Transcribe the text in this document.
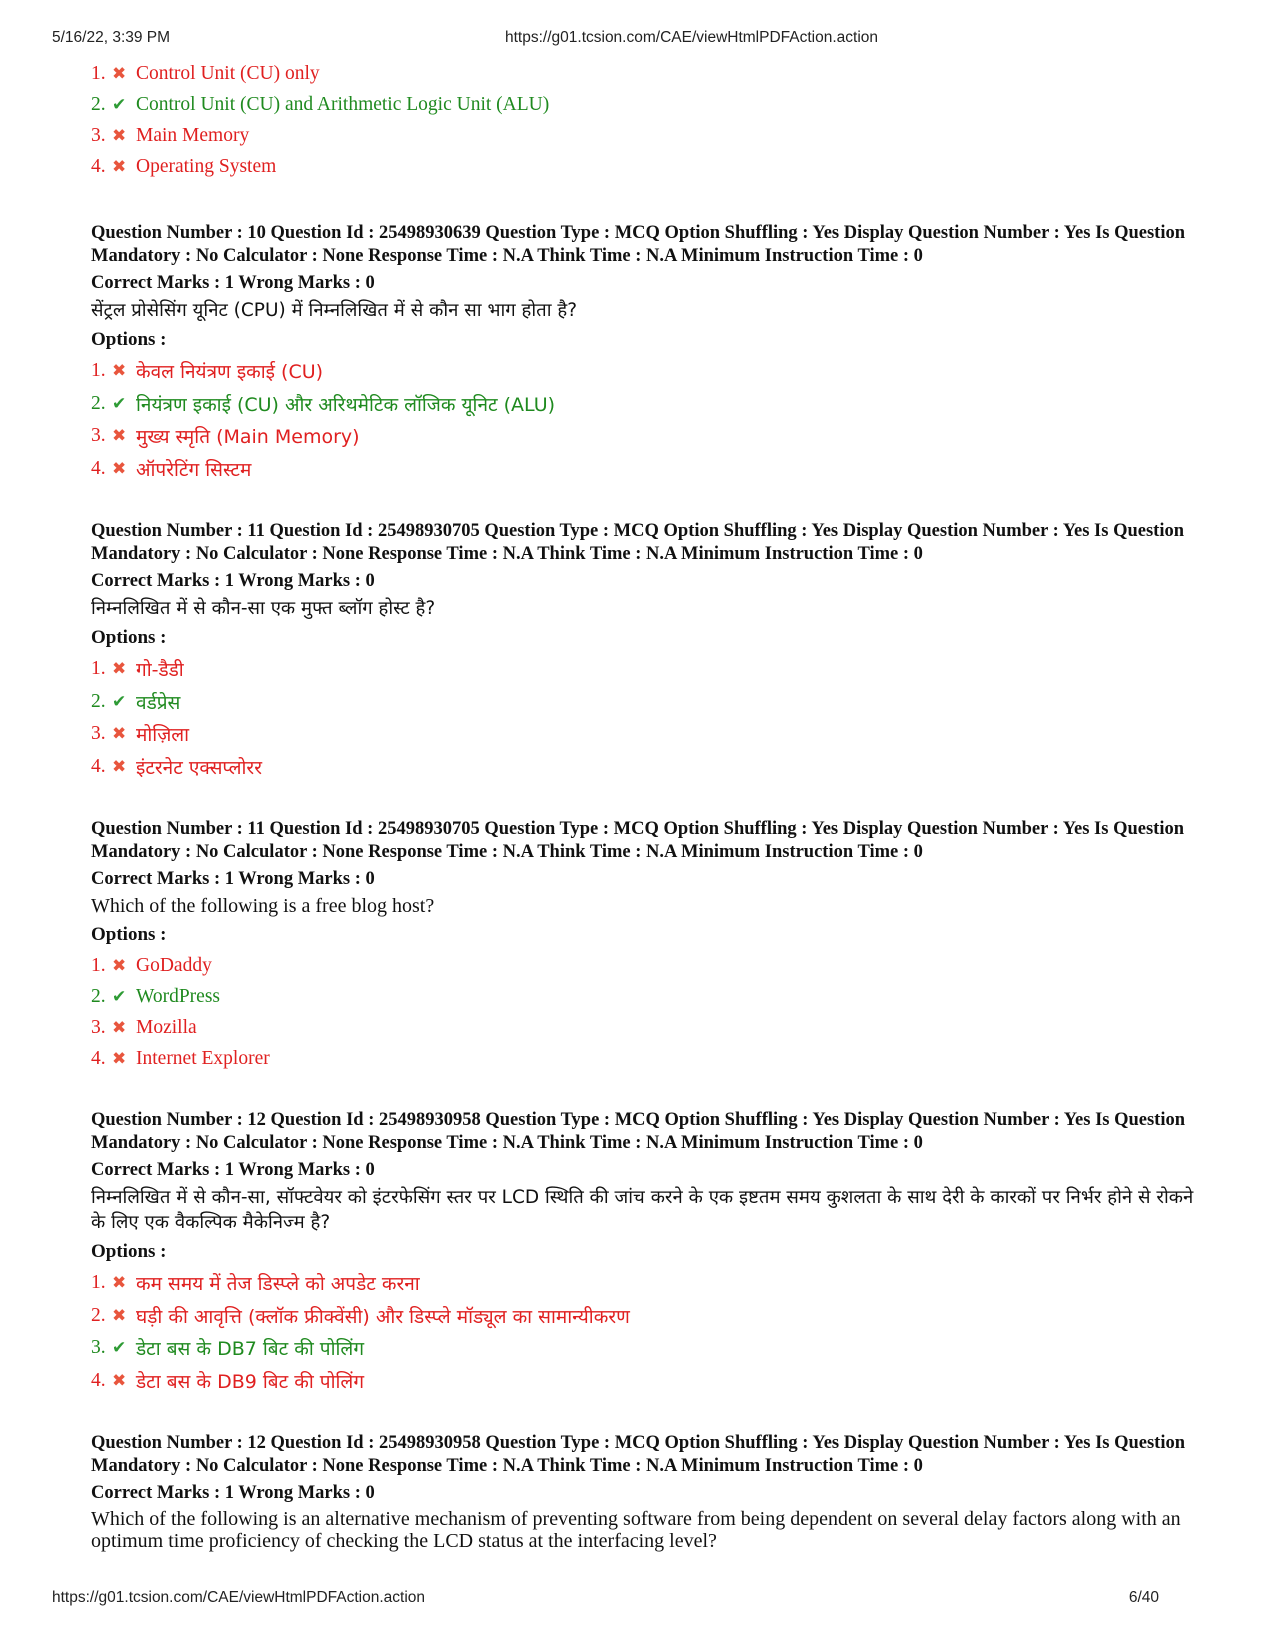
5/16/22, 3:39 PM	https://g01.tcsion.com/CAE/viewHtmlPDFAction.action
1. ✖ Control Unit (CU) only
2. ✔ Control Unit (CU) and Arithmetic Logic Unit (ALU)
3. ✖ Main Memory
4. ✖ Operating System

Question Number : 10 Question Id : 25498930639 Question Type : MCQ Option Shuffling : Yes Display Question Number : Yes Is Question Mandatory : No Calculator : None Response Time : N.A Think Time : N.A Minimum Instruction Time : 0

Correct Marks : 1 Wrong Marks : 0

सेंट्रल प्रोसेसिंग यूनिट (CPU) में निम्नलिखित में से कौन सा भाग होता है?

Options :

1. ✖ केवल नियंत्रण इकाई (CU)
2. ✔ नियंत्रण इकाई (CU) और अरिथमेटिक लॉजिक यूनिट (ALU)
3. ✖ मुख्य स्मृति (Main Memory)
4. ✖ ऑपरेटिंग सिस्टम

Question Number : 11 Question Id : 25498930705 Question Type : MCQ Option Shuffling : Yes Display Question Number : Yes Is Question Mandatory : No Calculator : None Response Time : N.A Think Time : N.A Minimum Instruction Time : 0

Correct Marks : 1 Wrong Marks : 0

निम्नलिखित में से कौन-सा एक मुफ्त ब्लॉग होस्ट है?

Options :

1. ✖ गो-डैडी
2. ✔ वर्डप्रेस
3. ✖ मोज़िला
4. ✖ इंटरनेट एक्सप्लोरर

Question Number : 11 Question Id : 25498930705 Question Type : MCQ Option Shuffling : Yes Display Question Number : Yes Is Question Mandatory : No Calculator : None Response Time : N.A Think Time : N.A Minimum Instruction Time : 0

Correct Marks : 1 Wrong Marks : 0

Which of the following is a free blog host?

Options :

1. ✖ GoDaddy
2. ✔ WordPress
3. ✖ Mozilla
4. ✖ Internet Explorer

Question Number : 12 Question Id : 25498930958 Question Type : MCQ Option Shuffling : Yes Display Question Number : Yes Is Question Mandatory : No Calculator : None Response Time : N.A Think Time : N.A Minimum Instruction Time : 0

Correct Marks : 1 Wrong Marks : 0

निम्नलिखित में से कौन-सा, सॉफ्टवेयर को इंटरफेसिंग स्तर पर LCD स्थिति की जांच करने के एक इष्टतम समय कुशलता के साथ देरी के कारकों पर निर्भर होने से रोकने के लिए एक वैकल्पिक मैकेनिज्म है?

Options :

1. ✖ कम समय में तेज डिस्प्ले को अपडेट करना
2. ✖ घड़ी की आवृत्ति (क्लॉक फ्रीक्वेंसी) और डिस्प्ले मॉड्यूल का सामान्यीकरण
3. ✔ डेटा बस के DB7 बिट की पोलिंग
4. ✖ डेटा बस के DB9 बिट की पोलिंग

Question Number : 12 Question Id : 25498930958 Question Type : MCQ Option Shuffling : Yes Display Question Number : Yes Is Question Mandatory : No Calculator : None Response Time : N.A Think Time : N.A Minimum Instruction Time : 0

Correct Marks : 1 Wrong Marks : 0

Which of the following is an alternative mechanism of preventing software from being dependent on several delay factors along with an optimum time proficiency of checking the LCD status at the interfacing level?

https://g01.tcsion.com/CAE/viewHtmlPDFAction.action	6/40
